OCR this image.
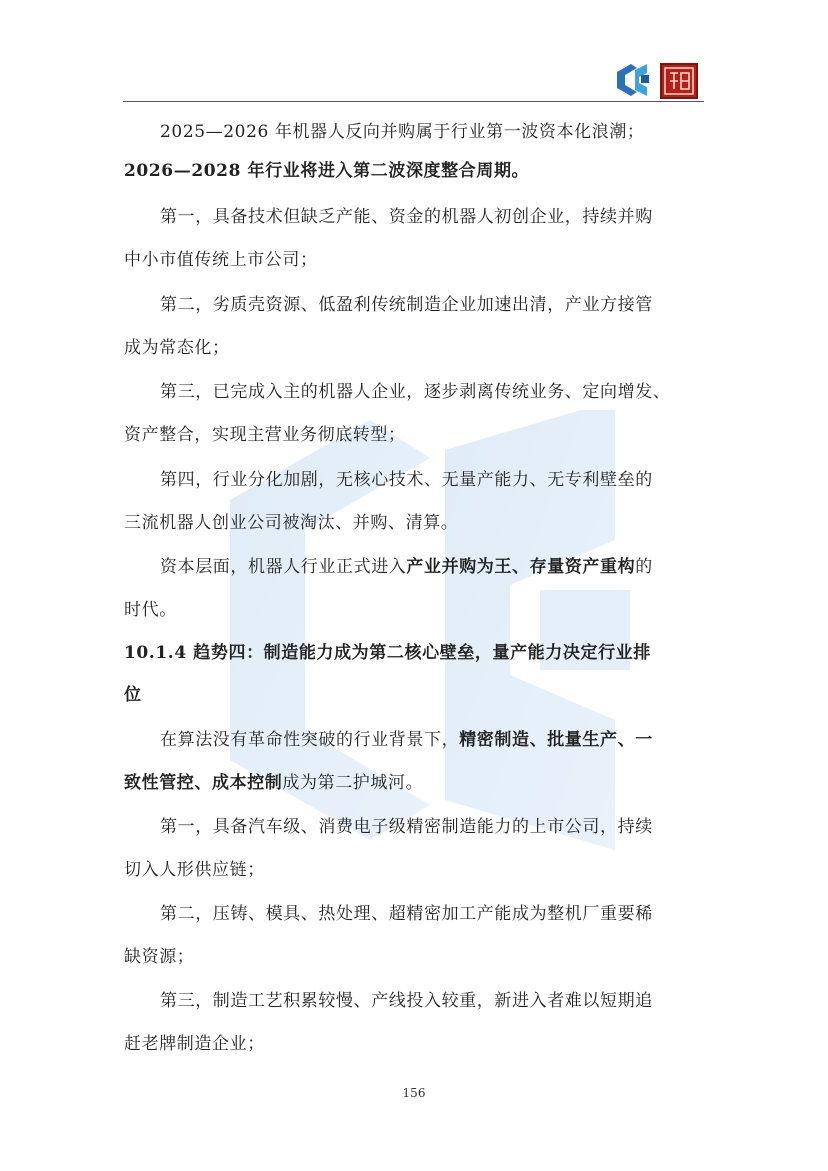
2025—2026 年机器人反向并购属于行业第一波资本化浪潮；
2026—2028 年行业将进入第二波深度整合周期。
第一，具备技术但缺乏产能、资金的机器人初创企业，持续并购
中小市值传统上市公司；
第二，劣质壳资源、低盈利传统制造企业加速出清，产业方接管
成为常态化；
第三，已完成入主的机器人企业，逐步剥离传统业务、定向增发、
资产整合，实现主营业务彻底转型；
第四，行业分化加剧，无核心技术、无量产能力、无专利壁垒的
三流机器人创业公司被淘汰、并购、清算。
资本层面，机器人行业正式进入产业并购为王、存量资产重构的
时代。
10.1.4 趋势四：制造能力成为第二核心壁垒，量产能力决定行业排
位
在算法没有革命性突破的行业背景下，精密制造、批量生产、一
致性管控、成本控制成为第二护城河。
第一，具备汽车级、消费电子级精密制造能力的上市公司，持续
切入人形供应链；
第二，压铸、模具、热处理、超精密加工产能成为整机厂重要稀
缺资源；
第三，制造工艺积累较慢、产线投入较重，新进入者难以短期追
赶老牌制造企业；
156
